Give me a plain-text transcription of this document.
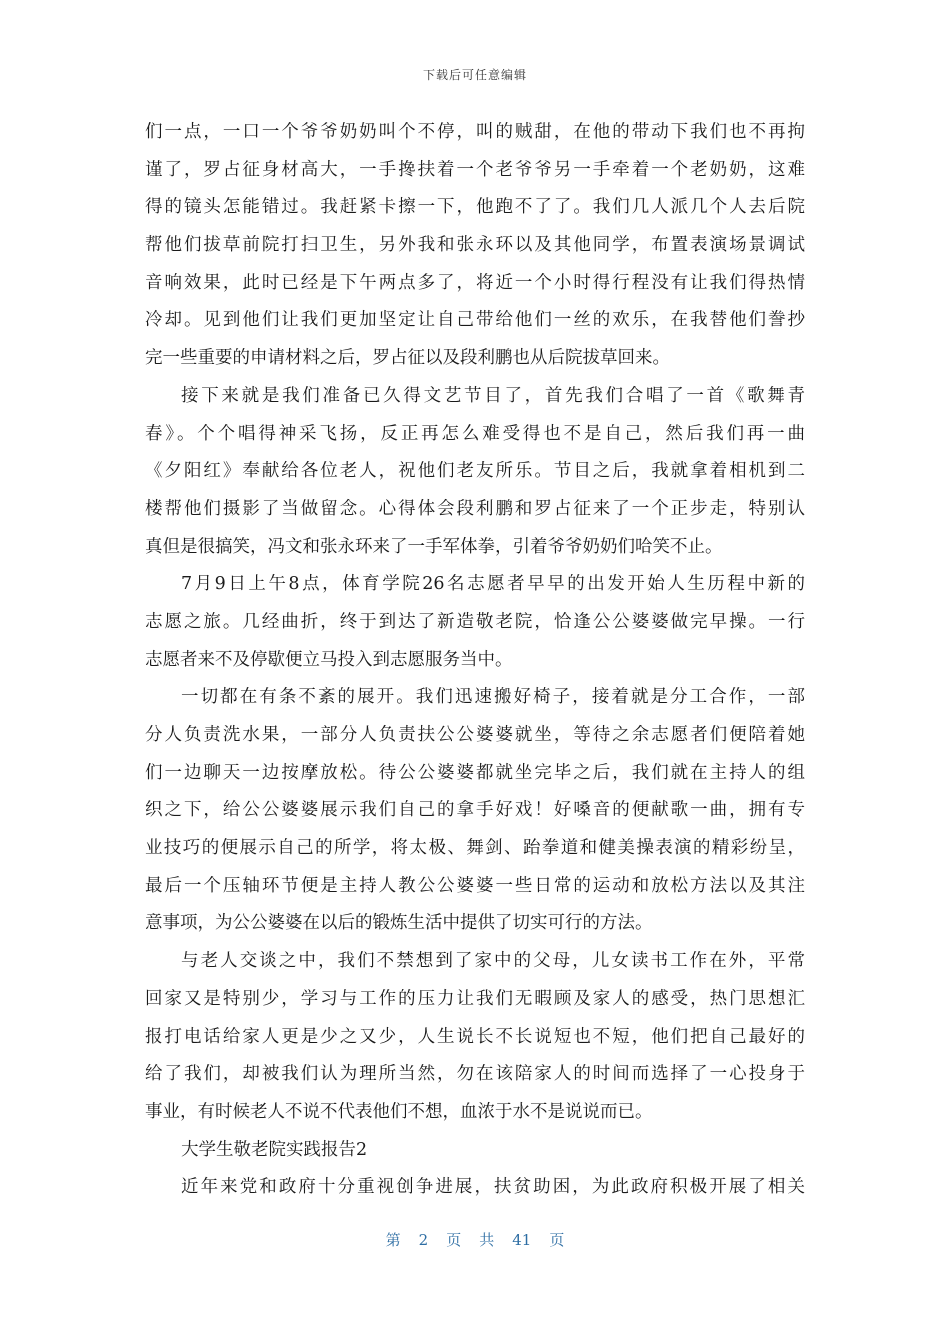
下载后可任意编辑
们一点，一口一个爷爷奶奶叫个不停，叫的贼甜，在他的带动下我们也不再拘
谨了，罗占征身材高大，一手搀扶着一个老爷爷另一手牵着一个老奶奶，这难
得的镜头怎能错过。我赶紧卡擦一下，他跑不了了。我们几人派几个人去后院
帮他们拔草前院打扫卫生，另外我和张永环以及其他同学，布置表演场景调试
音响效果，此时已经是下午两点多了，将近一个小时得行程没有让我们得热情
冷却。见到他们让我们更加坚定让自己带给他们一丝的欢乐，在我替他们誊抄
完一些重要的申请材料之后，罗占征以及段利鹏也从后院拔草回来。
接下来就是我们准备已久得文艺节目了，首先我们合唱了一首《歌舞青
春》。个个唱得神采飞扬，反正再怎么难受得也不是自己，然后我们再一曲
《夕阳红》奉献给各位老人，祝他们老友所乐。节目之后，我就拿着相机到二
楼帮他们摄影了当做留念。心得体会段利鹏和罗占征来了一个正步走，特别认
真但是很搞笑，冯文和张永环来了一手军体拳，引着爷爷奶奶们哈笑不止。
7月9日上午8点，体育学院26名志愿者早早的出发开始人生历程中新的
志愿之旅。几经曲折，终于到达了新造敬老院，恰逢公公婆婆做完早操。一行
志愿者来不及停歇便立马投入到志愿服务当中。
一切都在有条不紊的展开。我们迅速搬好椅子，接着就是分工合作，一部
分人负责洗水果，一部分人负责扶公公婆婆就坐，等待之余志愿者们便陪着她
们一边聊天一边按摩放松。待公公婆婆都就坐完毕之后，我们就在主持人的组
织之下，给公公婆婆展示我们自己的拿手好戏！好嗓音的便献歌一曲，拥有专
业技巧的便展示自己的所学，将太极、舞剑、跆拳道和健美操表演的精彩纷呈，
最后一个压轴环节便是主持人教公公婆婆一些日常的运动和放松方法以及其注
意事项，为公公婆婆在以后的锻炼生活中提供了切实可行的方法。
与老人交谈之中，我们不禁想到了家中的父母，儿女读书工作在外，平常
回家又是特别少，学习与工作的压力让我们无暇顾及家人的感受，热门思想汇
报打电话给家人更是少之又少，人生说长不长说短也不短，他们把自己最好的
给了我们，却被我们认为理所当然，勿在该陪家人的时间而选择了一心投身于
事业，有时候老人不说不代表他们不想，血浓于水不是说说而已。
大学生敬老院实践报告2
近年来党和政府十分重视创争进展，扶贫助困，为此政府积极开展了相关
第 2 页 共 41 页
